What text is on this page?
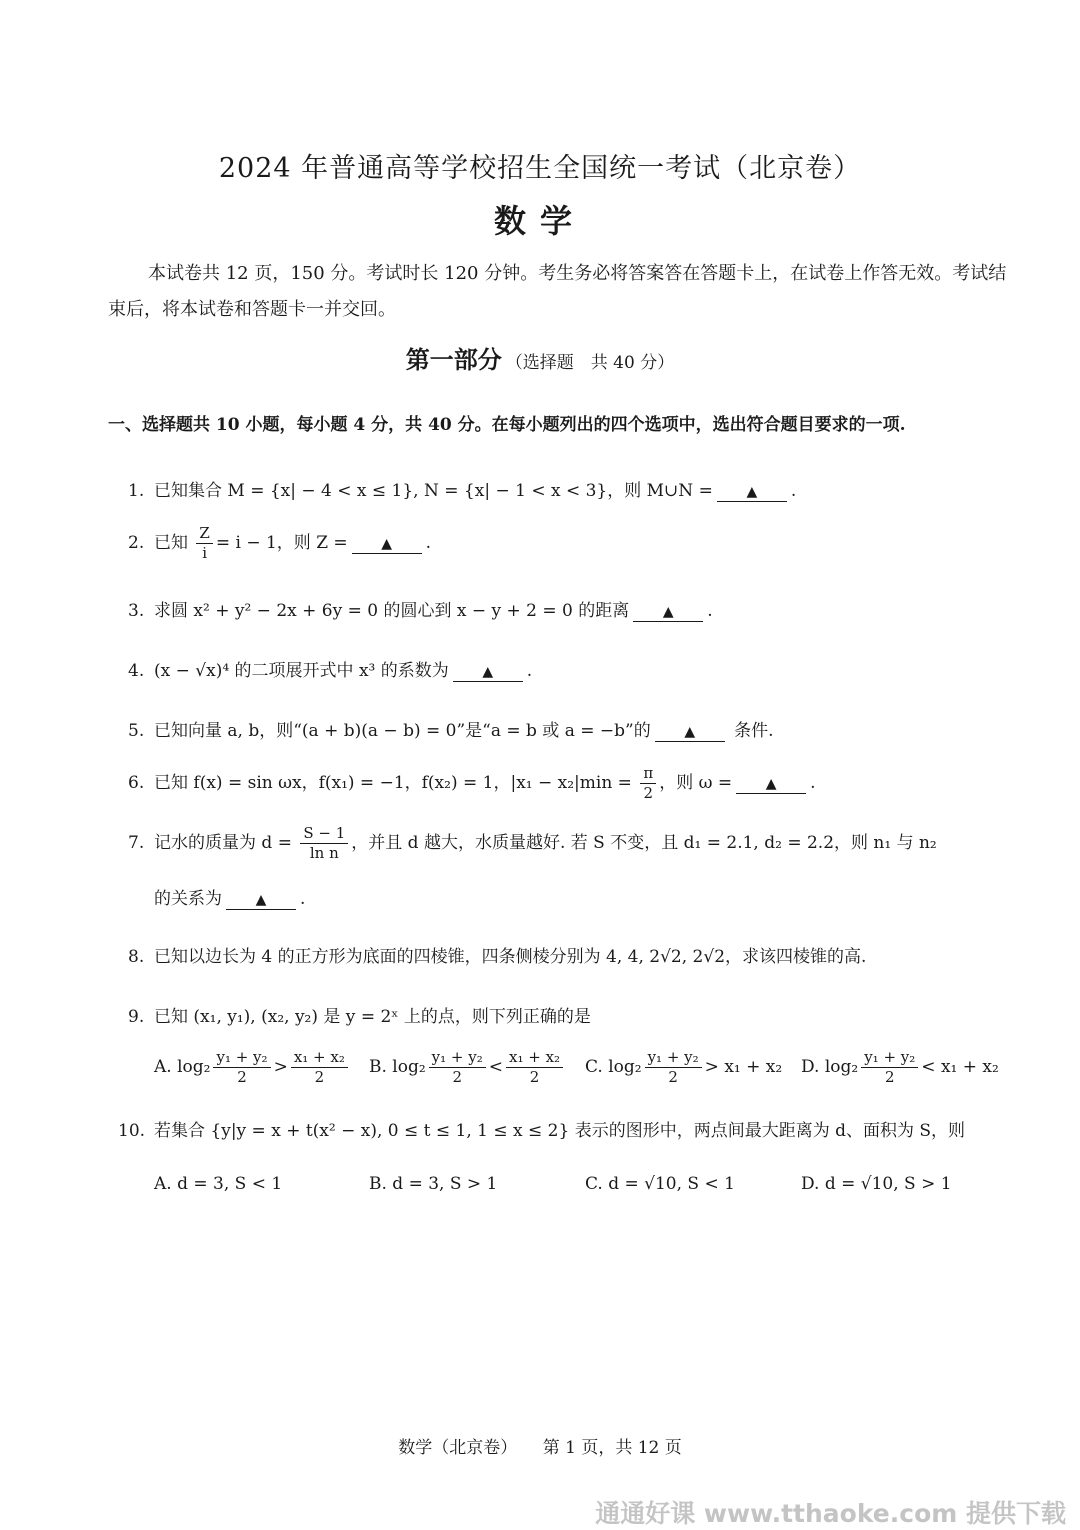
2024 年普通高等学校招生全国统一考试（北京卷）
数学
本试卷共 12 页，150 分。考试时长 120 分钟。考生务必将答案答在答题卡上，在试卷上作答无效。考试结束后，将本试卷和答题卡一并交回。
第一部分 （选择题　共 40 分）
一、选择题共 10 小题，每小题 4 分，共 40 分。在每小题列出的四个选项中，选出符合题目要求的一项.
1. 已知集合 M = {x| − 4 < x ≤ 1}, N = {x| − 1 < x < 3}，则 M∪N = ▲ .
2. 已知 $\frac{Z}{i} = i - 1$，则 Z = ▲ .
3. 求圆 x² + y² − 2x + 6y = 0 的圆心到 x − y + 2 = 0 的距离 ▲ .
4. (x − √x)⁴ 的二项展开式中 x³ 的系数为 ▲ .
5. 已知向量 a, b，则“(a + b)(a − b) = 0”是“a = b 或 a = −b”的 ▲ 条件.
6. 已知 f(x) = sin ωx，f(x₁) = −1，f(x₂) = 1，$|x_1 - x_2|\min = \frac{\pi}{2}$ ，则 ω = ▲ .
7. 记水的质量为 $d = \frac{S - 1}{\text{ln n}}$ ，并且 d 越大，水质量越好. 若 S 不变，且 d₁ = 2.1, d₂ = 2.2，则 n₁ 与 n₂
的关系为 ▲ .
8. 已知以边长为 4 的正方形为底面的四棱锥，四条侧棱分别为 4, 4, 2√2, 2√2，求该四棱锥的高.
9. 已知 (x₁, y₁), (x₂, y₂) 是 y = 2ˣ 上的点，则下列正确的是
A. $\log_2 \frac{\text{y₁ + y₂}}{2} > \frac{\text{x₁ + x₂}}{2} B$. $\log_2 \frac{\text{y₁ + y₂}}{2} < \frac{\text{x₁ + x₂}}{2} C$. $\log_2 \frac{\text{y₁ + y₂}}{2} > x_1 + x_2$ D. $\log_2 \frac{\text{y₁ + y₂}}{2} < x_1 + x_2$
10. 若集合 {y|y = x + t(x² − x), 0 ≤ t ≤ 1, 1 ≤ x ≤ 2} 表示的图形中，两点间最大距离为 d、面积为 S，则
A. d = 3, S < 1	B. d = 3, S > 1	C. d = √10, S < 1	D. d = √10, S > 1
数学（北京卷）　　第 1 页，共 12 页
通通好课 www.tthaoke.com 提供下载
